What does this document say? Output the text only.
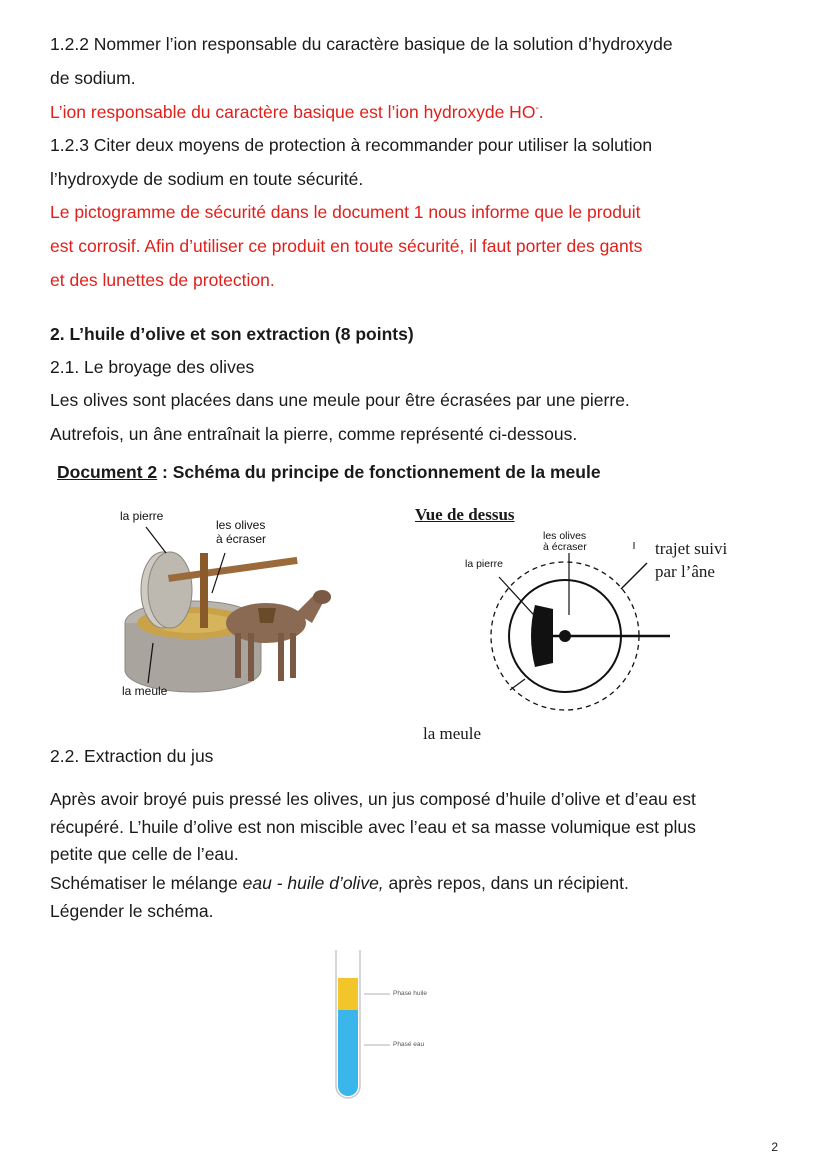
1.2.2 Nommer l’ion responsable du caractère basique de la solution d’hydroxyde
de sodium.

L’ion responsable du caractère basique est l’ion hydroxyde HO-.

1.2.3 Citer deux moyens de protection à recommander pour utiliser la solution
l’hydroxyde de sodium en toute sécurité.

Le pictogramme de sécurité dans le document 1 nous informe que le produit
est corrosif. Afin d’utiliser ce produit en toute sécurité, il faut porter des gants
et des lunettes de protection.

2. L’huile d’olive et son extraction (8 points)

2.1. Le broyage des olives

Les olives sont placées dans une meule pour être écrasées par une pierre.
Autrefois, un âne entraînait la pierre, comme représenté ci-dessous.

Document 2 : Schéma du principe de fonctionnement de la meule
la pierre
les olives
à écraser
la meule
Vue de dessus
les olives
à écraser
la pierre
trajet suivi
par l’âne
la meule

2.2. Extraction du jus

Après avoir broyé puis pressé les olives, un jus composé d’huile d’olive et d’eau est
récupéré. L’huile d’olive est non miscible avec l’eau et sa masse volumique est plus
petite que celle de l’eau.

Schématiser le mélange eau - huile d’olive, après repos, dans un récipient.
Légender le schéma.

Phase huile
Phasé eau
2
